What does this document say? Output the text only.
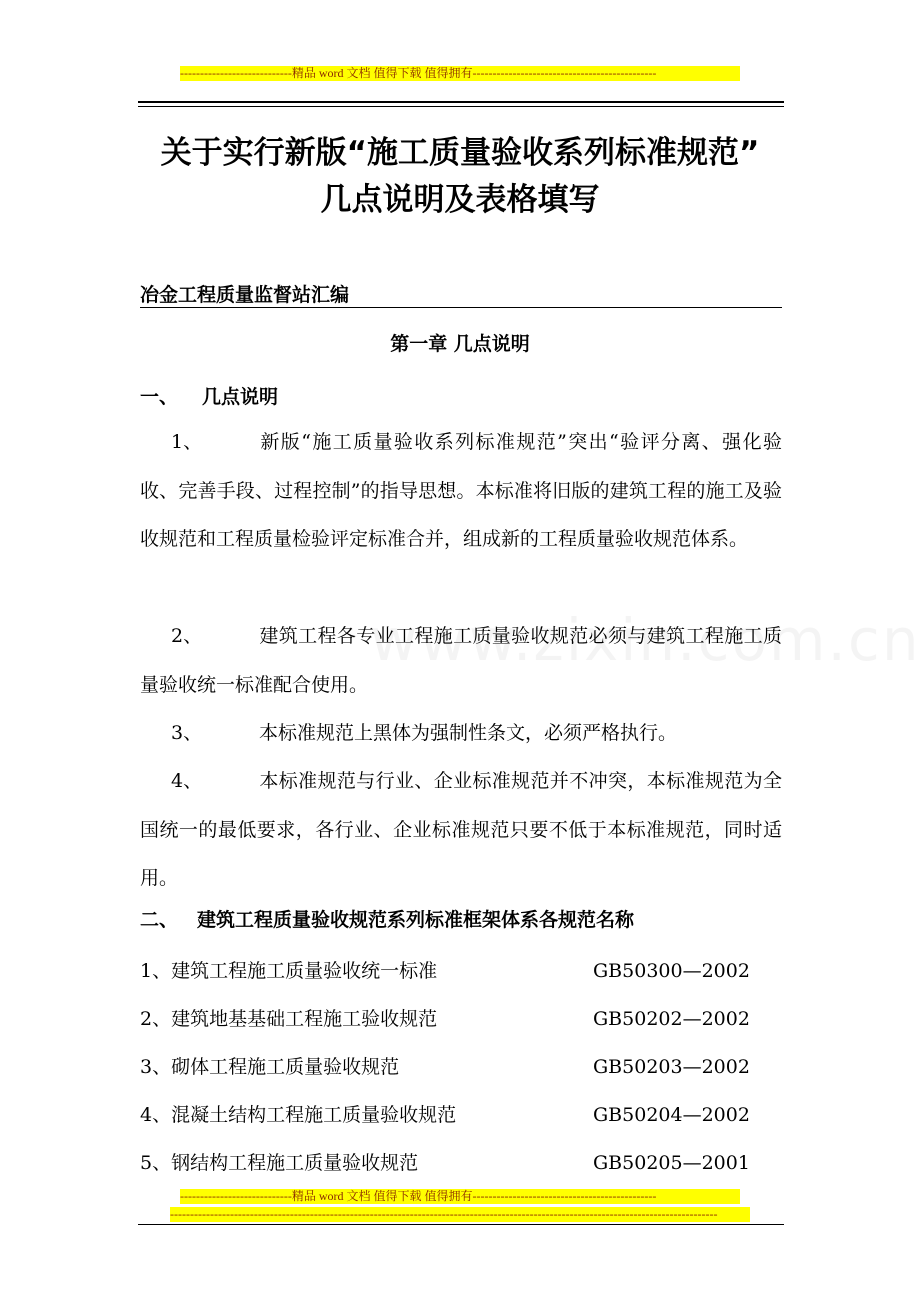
----------------------------精品 word 文档 值得下载 值得拥有----------------------------------------------
关于实行新版“施工质量验收系列标准规范”
几点说明及表格填写
冶金工程质量监督站汇编
第一章 几点说明
一、 几点说明
1、	新版“施工质量验收系列标准规范”突出“验评分离、强化验收、完善手段、过程控制”的指导思想。本标准将旧版的建筑工程的施工及验收规范和工程质量检验评定标准合并，组成新的工程质量验收规范体系。
2、	建筑工程各专业工程施工质量验收规范必须与建筑工程施工质量验收统一标准配合使用。
3、	本标准规范上黑体为强制性条文，必须严格执行。
4、	本标准规范与行业、企业标准规范并不冲突，本标准规范为全国统一的最低要求，各行业、企业标准规范只要不低于本标准规范，同时适用。
二、 建筑工程质量验收规范系列标准框架体系各规范名称
1、建筑工程施工质量验收统一标准	GB50300—2002
2、建筑地基基础工程施工验收规范	GB50202—2002
3、砌体工程施工质量验收规范	GB50203—2002
4、混凝土结构工程施工质量验收规范	GB50204—2002
5、钢结构工程施工质量验收规范	GB50205—2001
----------------------------精品 word 文档 值得下载 值得拥有----------------------------------------------
-----------------------------------------------------------------------------------------------------------------------------------------
